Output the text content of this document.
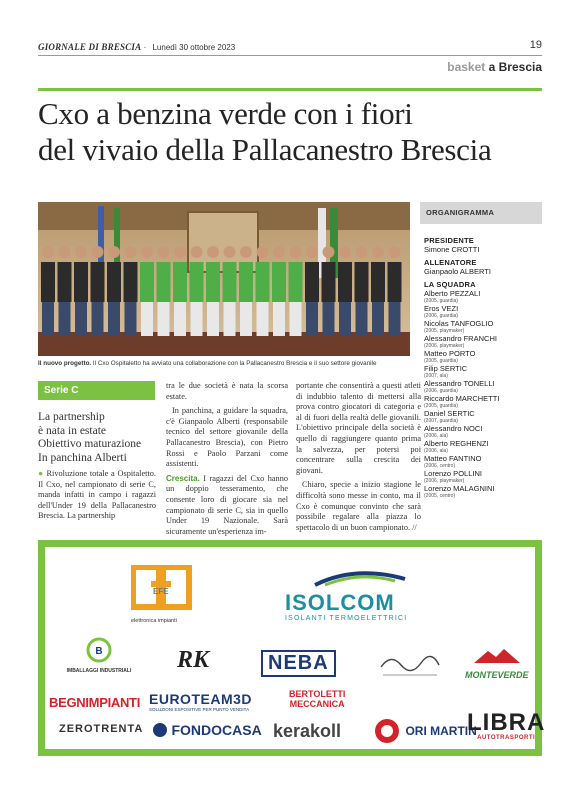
GIORNALE DI BRESCIA · Lunedì 30 ottobre 2023	19
basket a Brescia
Cxo a benzina verde con i fiori
del vivaio della Pallacanestro Brescia
Il nuovo progetto. Il Cxo Ospitaletto ha avviato una collaborazione con la Pallacanestro Brescia e il suo settore giovanile
ORGANIGRAMMA
PRESIDENTE
Simone CROTTI
ALLENATORE
Gianpaolo ALBERTI
LA SQUADRA
Alberto PEZZALI
(2005, guardia)
Eros VEZI
(2006, guardia)
Nicolas TANFOGLIO
(2005, playmaker)
Alessandro FRANCHI
(2006, playmaker)
Matteo PORTO
(2005, guardia)
Filip SERTIC
(2007, ala)
Alessandro TONELLI
(2006, guardia)
Riccardo MARCHETTI
(2005, guardia)
Daniel SERTIC
(2007, guardia)
Alessandro NOCI
(2006, ala)
Alberto REGHENZI
(2006, ala)
Matteo FANTINO
(2006, centro)
Lorenzo POLLINI
(2006, playmaker)
Lorenzo MALAGNINI
(2005, centro)
Serie C
La partnership
è nata in estate
Obiettivo maturazione
In panchina Alberti

● Rivoluzione totale a Ospitaletto. Il Cxo, nel campionato di serie C, manda infatti in campo i ragazzi dell'Under 19 della Pallacanestro Brescia. La partnership

tra le due società è nata la scorsa estate.

In panchina, a guidare la squadra, c'è Gianpaolo Alberti (responsabile tecnico del settore giovanile della Pallacanestro Brescia), con Pietro Rossi e Paolo Parzani come assistenti.

Crescita. I ragazzi del Cxo hanno un doppio tesseramento, che consente loro di giocare sia nel campionato di serie C, sia in quello Under 19 Nazionale. Sarà sicuramente un'esperienza im-

portante che consentirà a questi atleti di indubbio talento di mettersi alla prova contro giocatori di categoria e al di fuori della realtà delle giovanili. L'obiettivo principale della società è quello di raggiungere quanto prima la salvezza, per potersi poi concentrare sulla crescita dei giovani.

Chiaro, specie a inizio stagione le difficoltà sono messe in conto, ma il Cxo è comunque convinto che sarà possibile regalare alla piazza lo spettacolo di un buon campionato. //

EFE
elettronica impianti
ISOLCOM
ISOLANTI TERMOELETTRICI
B
IMBALLAGGI INDUSTRIALI	RK	NEBA
MONTEVERDE
BEGNIMPIANTI EUROTEAM3D
SOLUZIONI ESPOSITIVE PER PUNTO VENDITA
BERTOLETTI
MECCANICA
ZEROTRENTA	FONDOCASA kerakoll	ORI MARTIN
LIBRA
AUTOTRASPORTI
